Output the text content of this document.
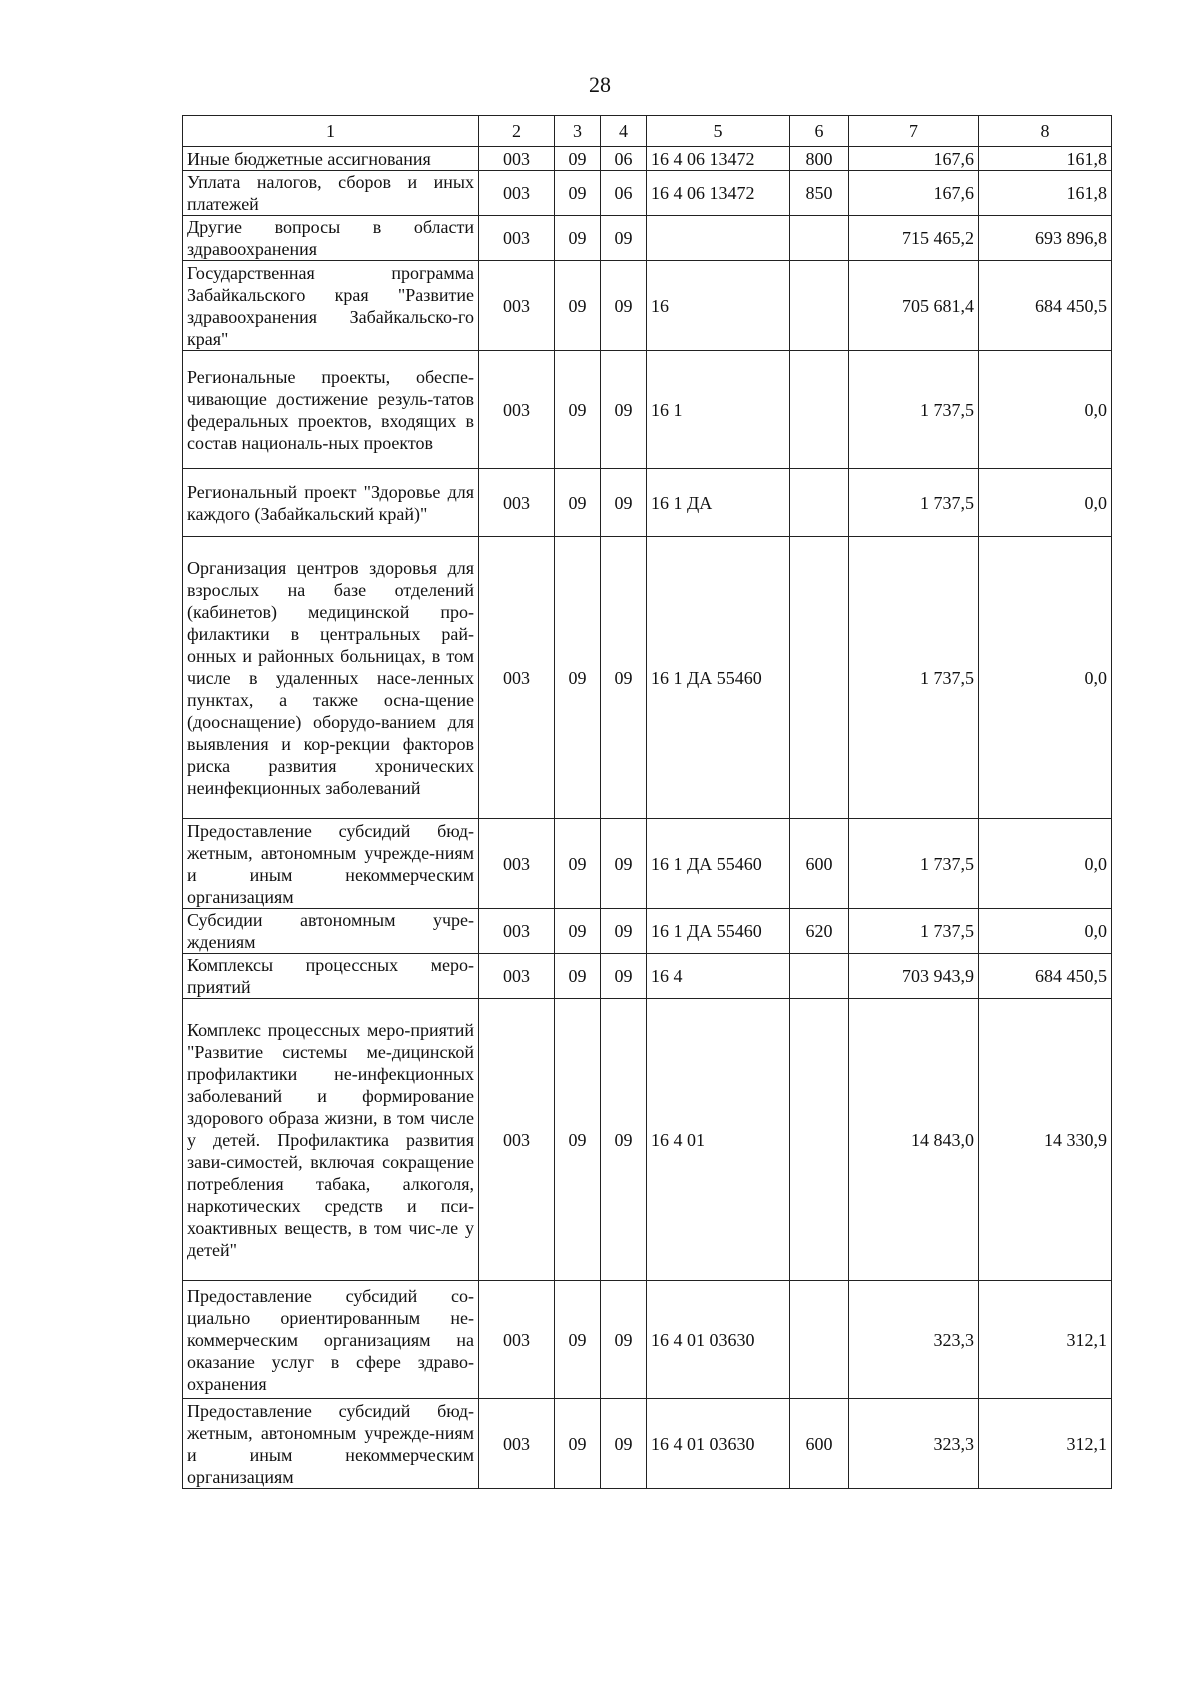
28
1	2	3	4	5	6	7	8
Иные бюджетные ассигнования	003	09	06	16 4 06 13472	800	167,6	161,8
Уплата налогов, сборов и иных платежей	003	09	06	16 4 06 13472	850	167,6	161,8
Другие вопросы в области здравоохранения	003	09	09			715 465,2	693 896,8
Государственная программа Забайкальского края "Развитие здравоохранения Забайкальско-го края"	003	09	09	16		705 681,4	684 450,5
Региональные проекты, обеспе-чивающие достижение резуль-татов федеральных проектов, входящих в состав националь-ных проектов	003	09	09	16 1		1 737,5	0,0
Региональный проект "Здоровье для каждого (Забайкальский край)"	003	09	09	16 1 ДА		1 737,5	0,0
Организация центров здоровья для взрослых на базе отделений (кабинетов) медицинской про-филактики в центральных рай-онных и районных больницах, в том числе в удаленных насе-ленных пунктах, а также осна-щение (дооснащение) оборудо-ванием для выявления и кор-рекции факторов риска развития хронических неинфекционных заболеваний	003	09	09	16 1 ДА 55460		1 737,5	0,0
Предоставление субсидий бюд-жетным, автономным учрежде-ниям и иным некоммерческим организациям	003	09	09	16 1 ДА 55460	600	1 737,5	0,0
Субсидии автономным учре-ждениям	003	09	09	16 1 ДА 55460	620	1 737,5	0,0
Комплексы процессных меро-приятий	003	09	09	16 4		703 943,9	684 450,5
Комплекс процессных меро-приятий "Развитие системы ме-дицинской профилактики не-инфекционных заболеваний и формирование здорового образа жизни, в том числе у детей. Профилактика развития зави-симостей, включая сокращение потребления табака, алкоголя, наркотических средств и пси-хоактивных веществ, в том чис-ле у детей"	003	09	09	16 4 01		14 843,0	14 330,9
Предоставление субсидий со-циально ориентированным не-коммерческим организациям на оказание услуг в сфере здраво-охранения	003	09	09	16 4 01 03630		323,3	312,1
Предоставление субсидий бюд-жетным, автономным учрежде-ниям и иным некоммерческим организациям	003	09	09	16 4 01 03630	600	323,3	312,1
